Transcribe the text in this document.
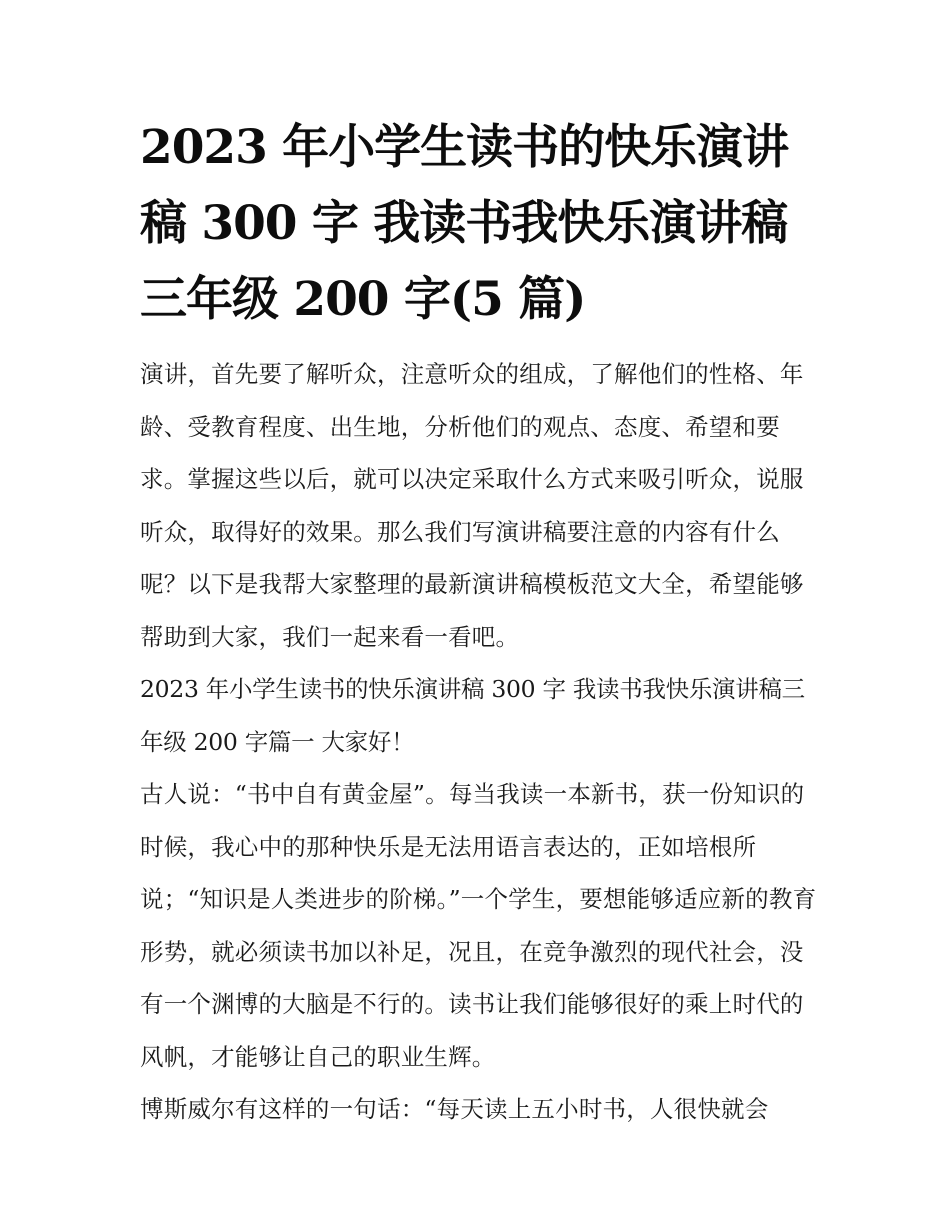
2023 年小学生读书的快乐演讲稿 300 字 我读书我快乐演讲稿三年级 200 字(5 篇)

演讲，首先要了解听众，注意听众的组成，了解他们的性格、年龄、受教育程度、出生地，分析他们的观点、态度、希望和要求。掌握这些以后，就可以决定采取什么方式来吸引听众，说服听众，取得好的效果。那么我们写演讲稿要注意的内容有什么呢？以下是我帮大家整理的最新演讲稿模板范文大全，希望能够帮助到大家，我们一起来看一看吧。

2023 年小学生读书的快乐演讲稿 300 字 我读书我快乐演讲稿三年级 200 字篇一 大家好！

古人说：“书中自有黄金屋”。每当我读一本新书，获一份知识的时候，我心中的那种快乐是无法用语言表达的，正如培根所说；“知识是人类进步的阶梯。”一个学生，要想能够适应新的教育形势，就必须读书加以补足，况且，在竞争激烈的现代社会，没有一个渊博的大脑是不行的。读书让我们能够很好的乘上时代的风帆，才能够让自己的职业生辉。

博斯威尔有这样的一句话：“每天读上五小时书，人很快就会
